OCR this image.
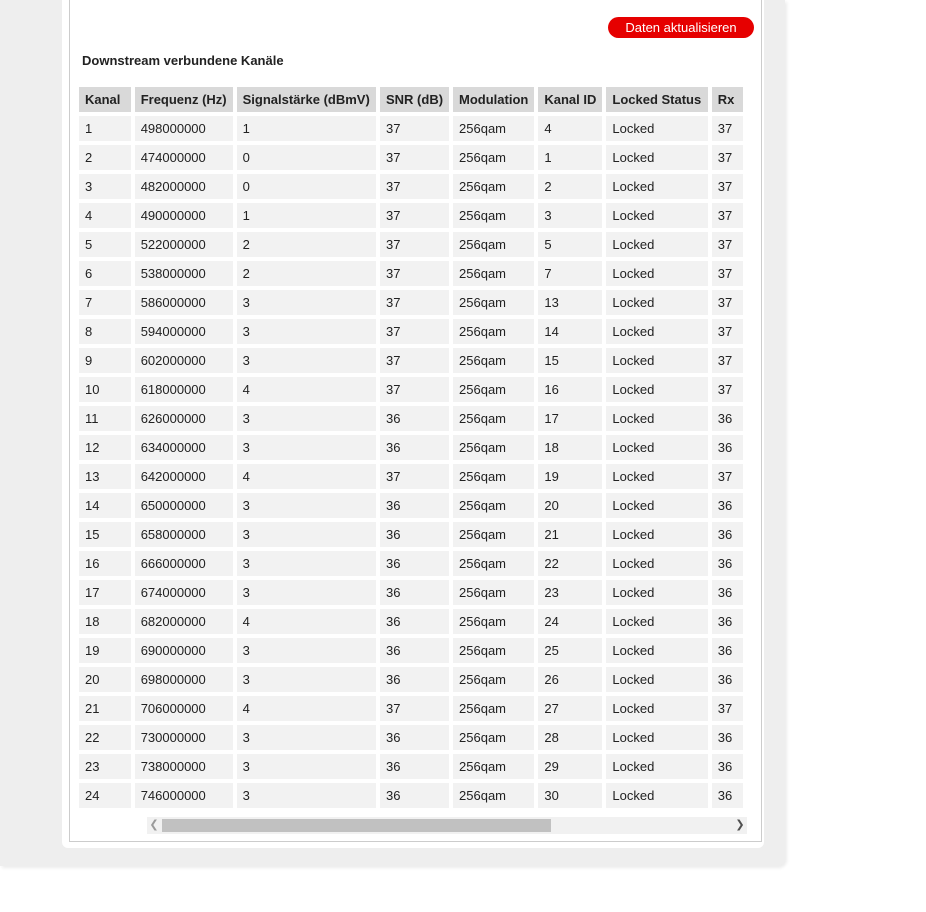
Daten aktualisieren
Downstream verbundene Kanäle
Kanal	Frequenz (Hz)	Signalstärke (dBmV)	SNR (dB)	Modulation	Kanal ID	Locked Status	Rx
1	498000000	1	37	256qam	4	Locked	37
2	474000000	0	37	256qam	1	Locked	37
3	482000000	0	37	256qam	2	Locked	37
4	490000000	1	37	256qam	3	Locked	37
5	522000000	2	37	256qam	5	Locked	37
6	538000000	2	37	256qam	7	Locked	37
7	586000000	3	37	256qam	13	Locked	37
8	594000000	3	37	256qam	14	Locked	37
9	602000000	3	37	256qam	15	Locked	37
10	618000000	4	37	256qam	16	Locked	37
11	626000000	3	36	256qam	17	Locked	36
12	634000000	3	36	256qam	18	Locked	36
13	642000000	4	37	256qam	19	Locked	37
14	650000000	3	36	256qam	20	Locked	36
15	658000000	3	36	256qam	21	Locked	36
16	666000000	3	36	256qam	22	Locked	36
17	674000000	3	36	256qam	23	Locked	36
18	682000000	4	36	256qam	24	Locked	36
19	690000000	3	36	256qam	25	Locked	36
20	698000000	3	36	256qam	26	Locked	36
21	706000000	4	37	256qam	27	Locked	37
22	730000000	3	36	256qam	28	Locked	36
23	738000000	3	36	256qam	29	Locked	36
24	746000000	3	36	256qam	30	Locked	36
❮	❯
